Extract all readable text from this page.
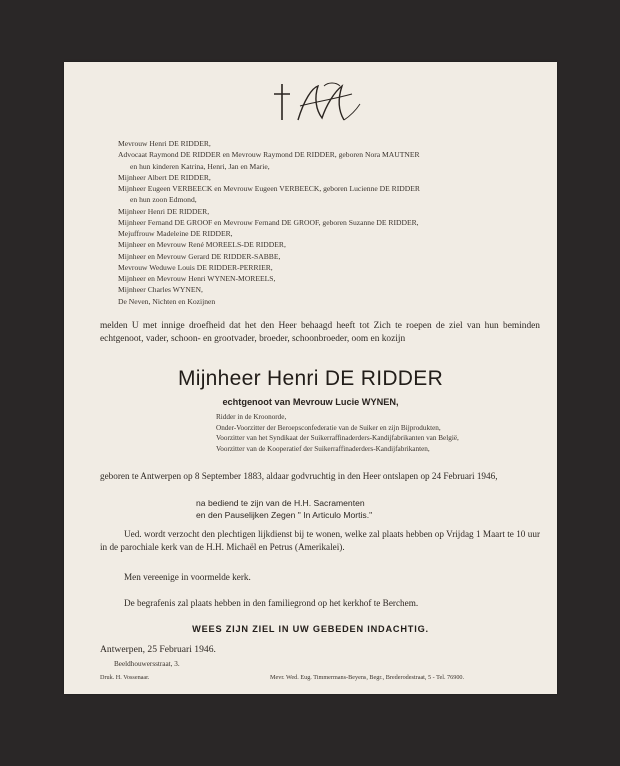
Mevrouw Henri DE RIDDER,
Advocaat Raymond DE RIDDER en Mevrouw Raymond DE RIDDER, geboren Nora MAUTNER
en hun kinderen Katrina, Henri, Jan en Marie,
Mijnheer Albert DE RIDDER,
Mijnheer Eugeen VERBEECK en Mevrouw Eugeen VERBEECK, geboren Lucienne DE RIDDER
en hun zoon Edmond,
Mijnheer Henri DE RIDDER,
Mijnheer Fernand DE GROOF en Mevrouw Fernand DE GROOF, geboren Suzanne DE RIDDER,
Mejuffrouw Madeleine DE RIDDER,
Mijnheer en Mevrouw René MOREELS-DE RIDDER,
Mijnheer en Mevrouw Gerard DE RIDDER-SABBE,
Mevrouw Weduwe Louis DE RIDDER-PERRIER,
Mijnheer en Mevrouw Henri WYNEN-MOREELS,
Mijnheer Charles WYNEN,
De Neven, Nichten en Kozijnen
melden U met innige droefheid dat het den Heer behaagd heeft tot Zich te roepen de ziel van hun beminden echtgenoot, vader, schoon- en grootvader, broeder, schoonbroeder, oom en kozijn
Mijnheer Henri DE RIDDER
echtgenoot van Mevrouw Lucie WYNEN,
Ridder in de Kroonorde,
Onder-Voorzitter der Beroepsconfederatie van de Suiker en zijn Bijprodukten,
Voorzitter van het Syndikaat der Suikerraffinaderders-Kandijfabrikanten van België,
Voorzitter van de Kooperatief der Suikerraffinaderders-Kandijfabrikanten,
geboren te Antwerpen op 8 September 1883, aldaar godvruchtig in den Heer ontslapen op 24 Februari 1946,
na bediend te zijn van de H.H. Sacramenten
en den Pauselijken Zegen " In Articulo Mortis."
Ued. wordt verzocht den plechtigen lijkdienst bij te wonen, welke zal plaats hebben op Vrijdag 1 Maart te 10 uur in de parochiale kerk van de H.H. Michaël en Petrus (Amerikalei).
Men vereenige in voormelde kerk.
De begrafenis zal plaats hebben in den familiegrond op het kerkhof te Berchem.
WEES ZIJN ZIEL IN UW GEBEDEN INDACHTIG.
Antwerpen, 25 Februari 1946.
Beeldhouwersstraat, 3.
Druk. H. Vossenaar.	Mevr. Wed. Eug. Timmermans-Beyens, Begr., Brederodestraat, 5 - Tel. 76900.
